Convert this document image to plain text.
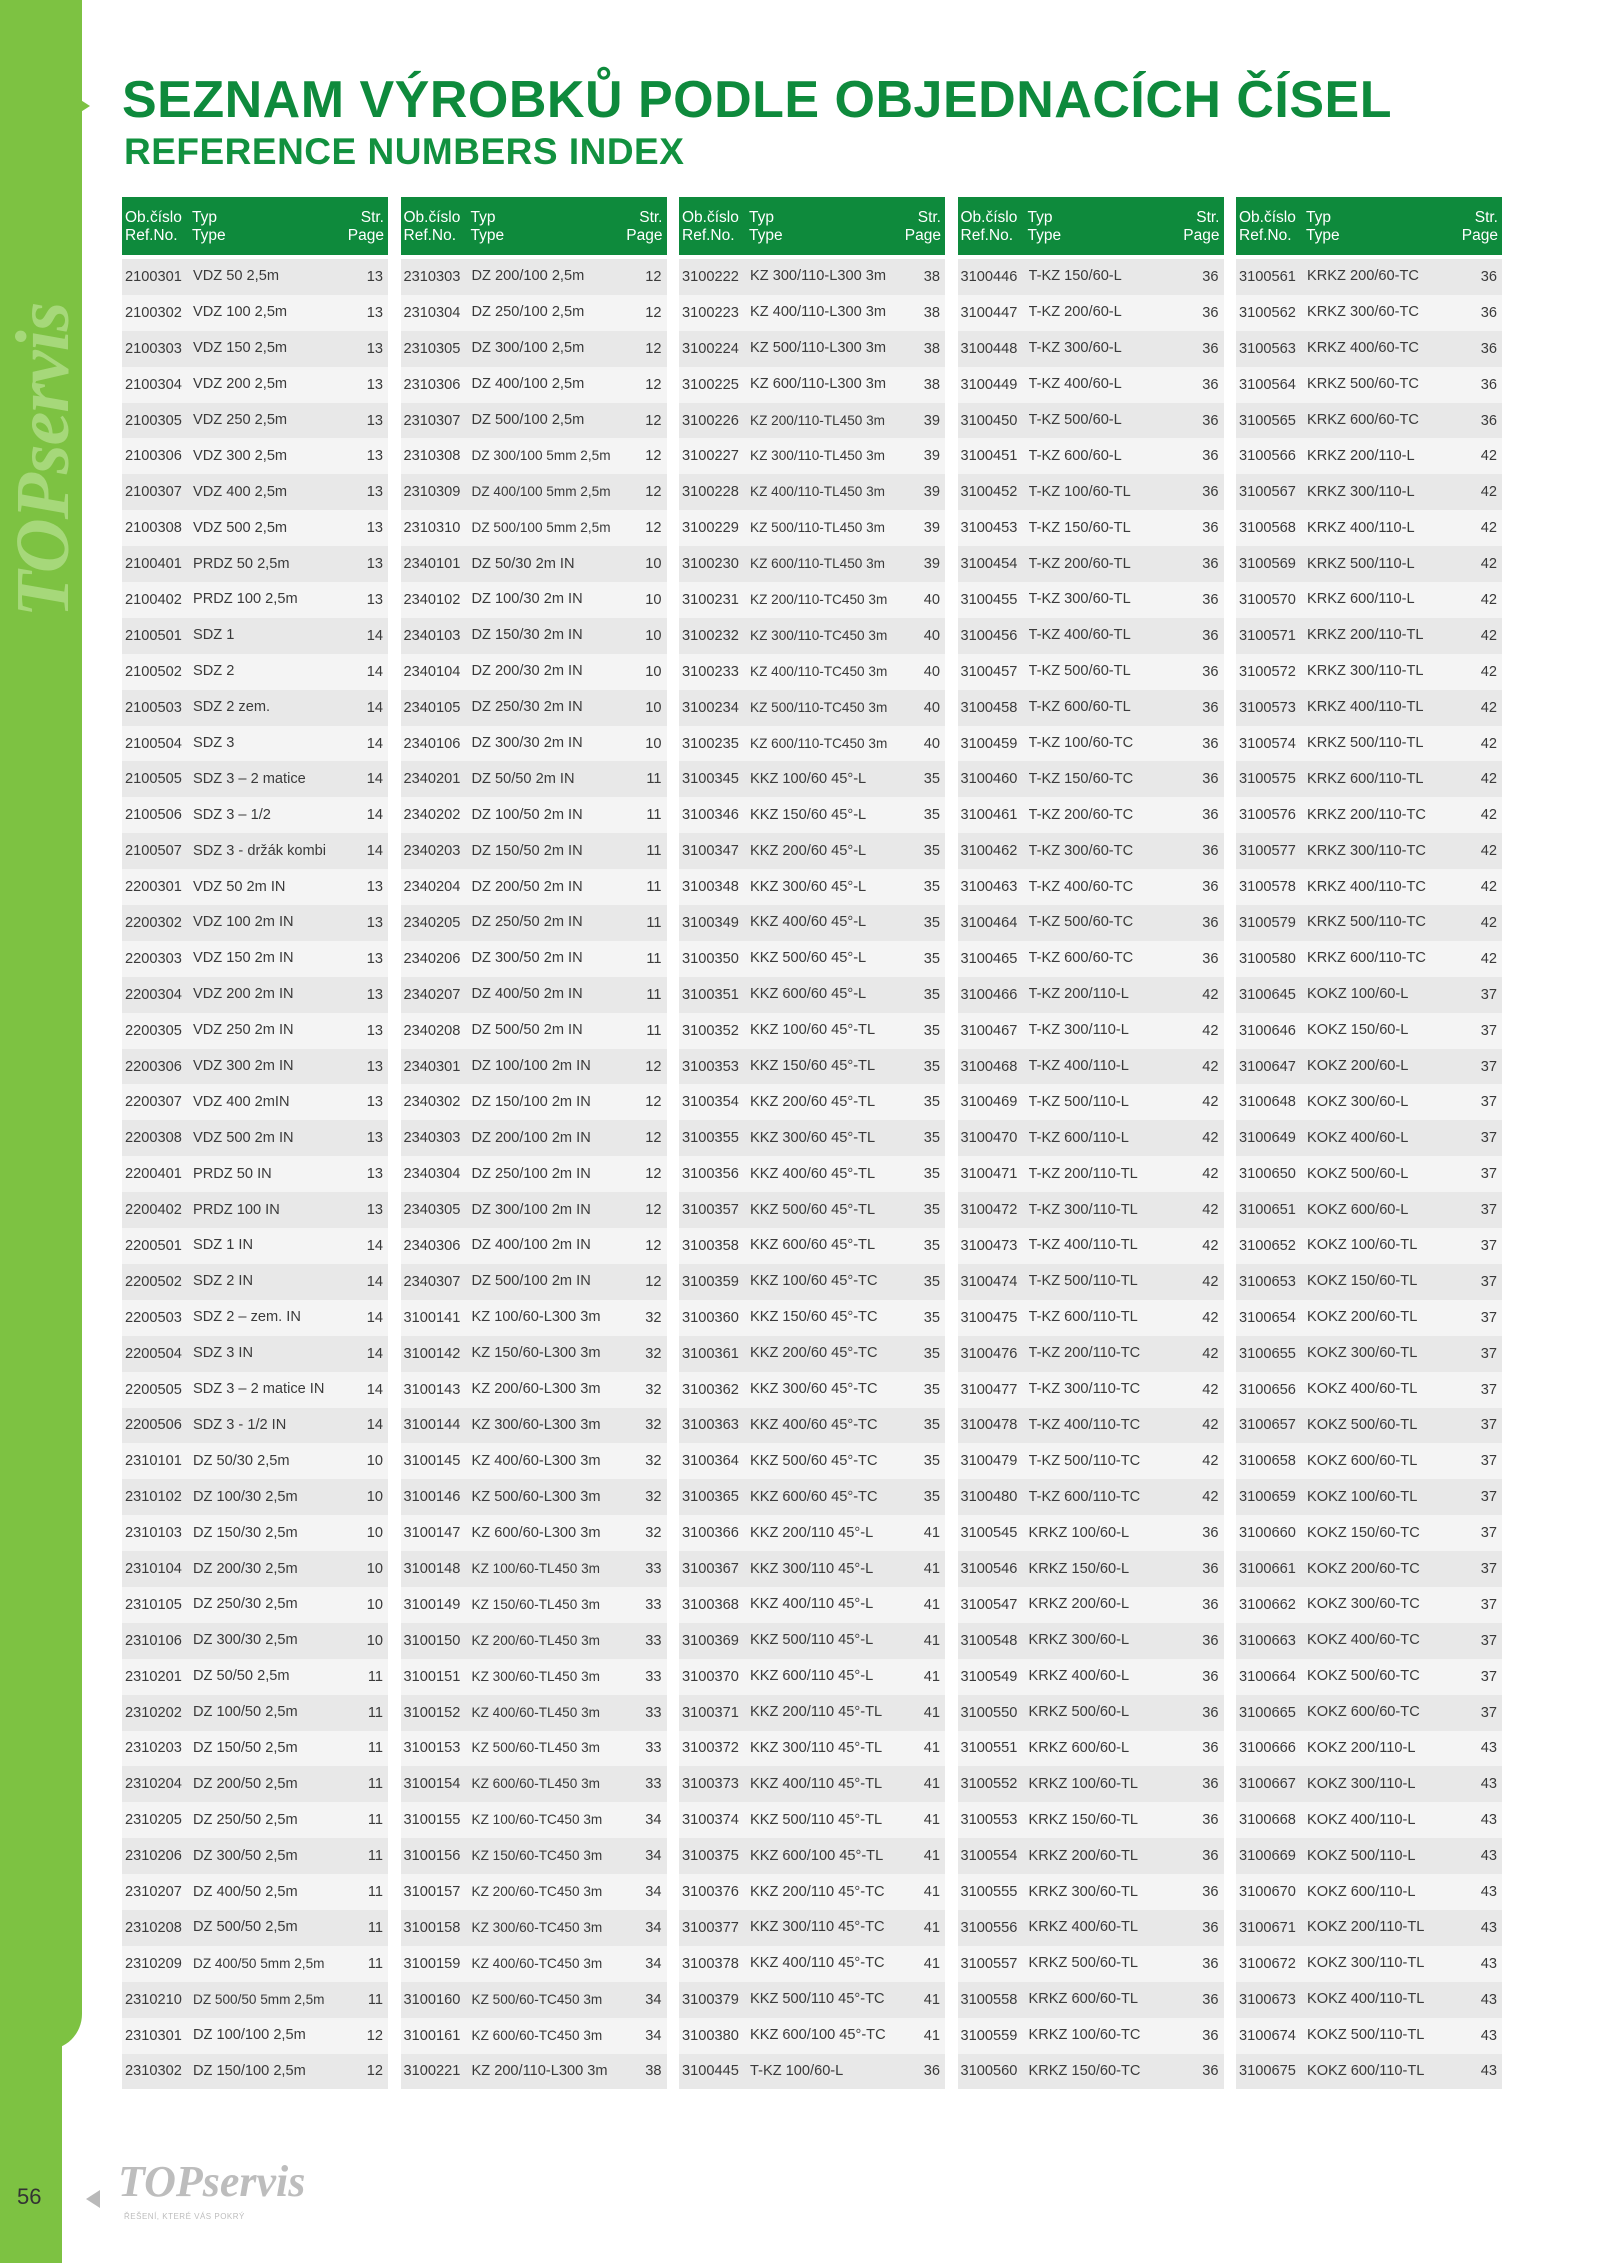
TOPservis
SEZNAM VÝROBKŮ PODLE OBJEDNACÍCH ČÍSEL
REFERENCE NUMBERS INDEX
Ob.číslo
Ref.No.
Typ
Type
Str.
Page
2100301 VDZ 50 2,5m	13
2100302 VDZ 100 2,5m	13
2100303 VDZ 150 2,5m	13
2100304 VDZ 200 2,5m	13
2100305 VDZ 250 2,5m	13
2100306 VDZ 300 2,5m	13
2100307 VDZ 400 2,5m	13
2100308 VDZ 500 2,5m	13
2100401 PRDZ 50 2,5m	13
2100402 PRDZ 100 2,5m	13
2100501 SDZ 1	14
2100502 SDZ 2	14
2100503 SDZ 2 zem.	14
2100504 SDZ 3	14
2100505 SDZ 3 – 2 matice	14
2100506 SDZ 3 – 1/2	14
2100507 SDZ 3 - držák kombi	14
2200301 VDZ 50 2m IN	13
2200302 VDZ 100 2m IN	13
2200303 VDZ 150 2m IN	13
2200304 VDZ 200 2m IN	13
2200305 VDZ 250 2m IN	13
2200306 VDZ 300 2m IN	13
2200307 VDZ 400 2mIN	13
2200308 VDZ 500 2m IN	13
2200401 PRDZ 50 IN	13
2200402 PRDZ 100 IN	13
2200501 SDZ 1 IN	14
2200502 SDZ 2 IN	14
2200503 SDZ 2 – zem. IN	14
2200504 SDZ 3 IN	14
2200505 SDZ 3 – 2 matice IN	14
2200506 SDZ 3 - 1/2 IN	14
2310101 DZ 50/30 2,5m	10
2310102 DZ 100/30 2,5m	10
2310103 DZ 150/30 2,5m	10
2310104 DZ 200/30 2,5m	10
2310105 DZ 250/30 2,5m	10
2310106 DZ 300/30 2,5m	10
2310201 DZ 50/50 2,5m	11
2310202 DZ 100/50 2,5m	11
2310203 DZ 150/50 2,5m	11
2310204 DZ 200/50 2,5m	11
2310205 DZ 250/50 2,5m	11
2310206 DZ 300/50 2,5m	11
2310207 DZ 400/50 2,5m	11
2310208 DZ 500/50 2,5m	11
2310209 DZ 400/50 5mm 2,5m	11
2310210 DZ 500/50 5mm 2,5m	11
2310301 DZ 100/100 2,5m	12
2310302 DZ 150/100 2,5m	12
Ob.číslo
Ref.No.
Typ
Type
Str.
Page
2310303 DZ 200/100 2,5m	12
2310304 DZ 250/100 2,5m	12
2310305 DZ 300/100 2,5m	12
2310306 DZ 400/100 2,5m	12
2310307 DZ 500/100 2,5m	12
2310308 DZ 300/100 5mm 2,5m	12
2310309 DZ 400/100 5mm 2,5m	12
2310310 DZ 500/100 5mm 2,5m	12
2340101 DZ 50/30 2m IN	10
2340102 DZ 100/30 2m IN	10
2340103 DZ 150/30 2m IN	10
2340104 DZ 200/30 2m IN	10
2340105 DZ 250/30 2m IN	10
2340106 DZ 300/30 2m IN	10
2340201 DZ 50/50 2m IN	11
2340202 DZ 100/50 2m IN	11
2340203 DZ 150/50 2m IN	11
2340204 DZ 200/50 2m IN	11
2340205 DZ 250/50 2m IN	11
2340206 DZ 300/50 2m IN	11
2340207 DZ 400/50 2m IN	11
2340208 DZ 500/50 2m IN	11
2340301 DZ 100/100 2m IN	12
2340302 DZ 150/100 2m IN	12
2340303 DZ 200/100 2m IN	12
2340304 DZ 250/100 2m IN	12
2340305 DZ 300/100 2m IN	12
2340306 DZ 400/100 2m IN	12
2340307 DZ 500/100 2m IN	12
3100141 KZ 100/60-L300 3m	32
3100142 KZ 150/60-L300 3m	32
3100143 KZ 200/60-L300 3m	32
3100144 KZ 300/60-L300 3m	32
3100145 KZ 400/60-L300 3m	32
3100146 KZ 500/60-L300 3m	32
3100147 KZ 600/60-L300 3m	32
3100148 KZ 100/60-TL450 3m	33
3100149 KZ 150/60-TL450 3m	33
3100150 KZ 200/60-TL450 3m	33
3100151 KZ 300/60-TL450 3m	33
3100152 KZ 400/60-TL450 3m	33
3100153 KZ 500/60-TL450 3m	33
3100154 KZ 600/60-TL450 3m	33
3100155 KZ 100/60-TC450 3m	34
3100156 KZ 150/60-TC450 3m	34
3100157 KZ 200/60-TC450 3m	34
3100158 KZ 300/60-TC450 3m	34
3100159 KZ 400/60-TC450 3m	34
3100160 KZ 500/60-TC450 3m	34
3100161 KZ 600/60-TC450 3m	34
3100221 KZ 200/110-L300 3m	38
Ob.číslo
Ref.No.
Typ
Type
Str.
Page
3100222 KZ 300/110-L300 3m	38
3100223 KZ 400/110-L300 3m	38
3100224 KZ 500/110-L300 3m	38
3100225 KZ 600/110-L300 3m	38
3100226 KZ 200/110-TL450 3m	39
3100227 KZ 300/110-TL450 3m	39
3100228 KZ 400/110-TL450 3m	39
3100229 KZ 500/110-TL450 3m	39
3100230 KZ 600/110-TL450 3m	39
3100231 KZ 200/110-TC450 3m	40
3100232 KZ 300/110-TC450 3m	40
3100233 KZ 400/110-TC450 3m	40
3100234 KZ 500/110-TC450 3m	40
3100235 KZ 600/110-TC450 3m	40
3100345 KKZ 100/60 45°-L	35
3100346 KKZ 150/60 45°-L	35
3100347 KKZ 200/60 45°-L	35
3100348 KKZ 300/60 45°-L	35
3100349 KKZ 400/60 45°-L	35
3100350 KKZ 500/60 45°-L	35
3100351 KKZ 600/60 45°-L	35
3100352 KKZ 100/60 45°-TL	35
3100353 KKZ 150/60 45°-TL	35
3100354 KKZ 200/60 45°-TL	35
3100355 KKZ 300/60 45°-TL	35
3100356 KKZ 400/60 45°-TL	35
3100357 KKZ 500/60 45°-TL	35
3100358 KKZ 600/60 45°-TL	35
3100359 KKZ 100/60 45°-TC	35
3100360 KKZ 150/60 45°-TC	35
3100361 KKZ 200/60 45°-TC	35
3100362 KKZ 300/60 45°-TC	35
3100363 KKZ 400/60 45°-TC	35
3100364 KKZ 500/60 45°-TC	35
3100365 KKZ 600/60 45°-TC	35
3100366 KKZ 200/110 45°-L	41
3100367 KKZ 300/110 45°-L	41
3100368 KKZ 400/110 45°-L	41
3100369 KKZ 500/110 45°-L	41
3100370 KKZ 600/110 45°-L	41
3100371 KKZ 200/110 45°-TL	41
3100372 KKZ 300/110 45°-TL	41
3100373 KKZ 400/110 45°-TL	41
3100374 KKZ 500/110 45°-TL	41
3100375 KKZ 600/100 45°-TL	41
3100376 KKZ 200/110 45°-TC	41
3100377 KKZ 300/110 45°-TC	41
3100378 KKZ 400/110 45°-TC	41
3100379 KKZ 500/110 45°-TC	41
3100380 KKZ 600/100 45°-TC	41
3100445 T-KZ 100/60-L	36
Ob.číslo
Ref.No.
Typ
Type
Str.
Page
3100446 T-KZ 150/60-L	36
3100447 T-KZ 200/60-L	36
3100448 T-KZ 300/60-L	36
3100449 T-KZ 400/60-L	36
3100450 T-KZ 500/60-L	36
3100451 T-KZ 600/60-L	36
3100452 T-KZ 100/60-TL	36
3100453 T-KZ 150/60-TL	36
3100454 T-KZ 200/60-TL	36
3100455 T-KZ 300/60-TL	36
3100456 T-KZ 400/60-TL	36
3100457 T-KZ 500/60-TL	36
3100458 T-KZ 600/60-TL	36
3100459 T-KZ 100/60-TC	36
3100460 T-KZ 150/60-TC	36
3100461 T-KZ 200/60-TC	36
3100462 T-KZ 300/60-TC	36
3100463 T-KZ 400/60-TC	36
3100464 T-KZ 500/60-TC	36
3100465 T-KZ 600/60-TC	36
3100466 T-KZ 200/110-L	42
3100467 T-KZ 300/110-L	42
3100468 T-KZ 400/110-L	42
3100469 T-KZ 500/110-L	42
3100470 T-KZ 600/110-L	42
3100471 T-KZ 200/110-TL	42
3100472 T-KZ 300/110-TL	42
3100473 T-KZ 400/110-TL	42
3100474 T-KZ 500/110-TL	42
3100475 T-KZ 600/110-TL	42
3100476 T-KZ 200/110-TC	42
3100477 T-KZ 300/110-TC	42
3100478 T-KZ 400/110-TC	42
3100479 T-KZ 500/110-TC	42
3100480 T-KZ 600/110-TC	42
3100545 KRKZ 100/60-L	36
3100546 KRKZ 150/60-L	36
3100547 KRKZ 200/60-L	36
3100548 KRKZ 300/60-L	36
3100549 KRKZ 400/60-L	36
3100550 KRKZ 500/60-L	36
3100551 KRKZ 600/60-L	36
3100552 KRKZ 100/60-TL	36
3100553 KRKZ 150/60-TL	36
3100554 KRKZ 200/60-TL	36
3100555 KRKZ 300/60-TL	36
3100556 KRKZ 400/60-TL	36
3100557 KRKZ 500/60-TL	36
3100558 KRKZ 600/60-TL	36
3100559 KRKZ 100/60-TC	36
3100560 KRKZ 150/60-TC	36
Ob.číslo
Ref.No.
Typ
Type
Str.
Page
3100561 KRKZ 200/60-TC	36
3100562 KRKZ 300/60-TC	36
3100563 KRKZ 400/60-TC	36
3100564 KRKZ 500/60-TC	36
3100565 KRKZ 600/60-TC	36
3100566 KRKZ 200/110-L	42
3100567 KRKZ 300/110-L	42
3100568 KRKZ 400/110-L	42
3100569 KRKZ 500/110-L	42
3100570 KRKZ 600/110-L	42
3100571 KRKZ 200/110-TL	42
3100572 KRKZ 300/110-TL	42
3100573 KRKZ 400/110-TL	42
3100574 KRKZ 500/110-TL	42
3100575 KRKZ 600/110-TL	42
3100576 KRKZ 200/110-TC	42
3100577 KRKZ 300/110-TC	42
3100578 KRKZ 400/110-TC	42
3100579 KRKZ 500/110-TC	42
3100580 KRKZ 600/110-TC	42
3100645 KOKZ 100/60-L	37
3100646 KOKZ 150/60-L	37
3100647 KOKZ 200/60-L	37
3100648 KOKZ 300/60-L	37
3100649 KOKZ 400/60-L	37
3100650 KOKZ 500/60-L	37
3100651 KOKZ 600/60-L	37
3100652 KOKZ 100/60-TL	37
3100653 KOKZ 150/60-TL	37
3100654 KOKZ 200/60-TL	37
3100655 KOKZ 300/60-TL	37
3100656 KOKZ 400/60-TL	37
3100657 KOKZ 500/60-TL	37
3100658 KOKZ 600/60-TL	37
3100659 KOKZ 100/60-TL	37
3100660 KOKZ 150/60-TC	37
3100661 KOKZ 200/60-TC	37
3100662 KOKZ 300/60-TC	37
3100663 KOKZ 400/60-TC	37
3100664 KOKZ 500/60-TC	37
3100665 KOKZ 600/60-TC	37
3100666 KOKZ 200/110-L	43
3100667 KOKZ 300/110-L	43
3100668 KOKZ 400/110-L	43
3100669 KOKZ 500/110-L	43
3100670 KOKZ 600/110-L	43
3100671 KOKZ 200/110-TL	43
3100672 KOKZ 300/110-TL	43
3100673 KOKZ 400/110-TL	43
3100674 KOKZ 500/110-TL	43
3100675 KOKZ 600/110-TL	43
56 TOPservis
ŘEŠENÍ, KTERÉ VÁS POKRÝ
